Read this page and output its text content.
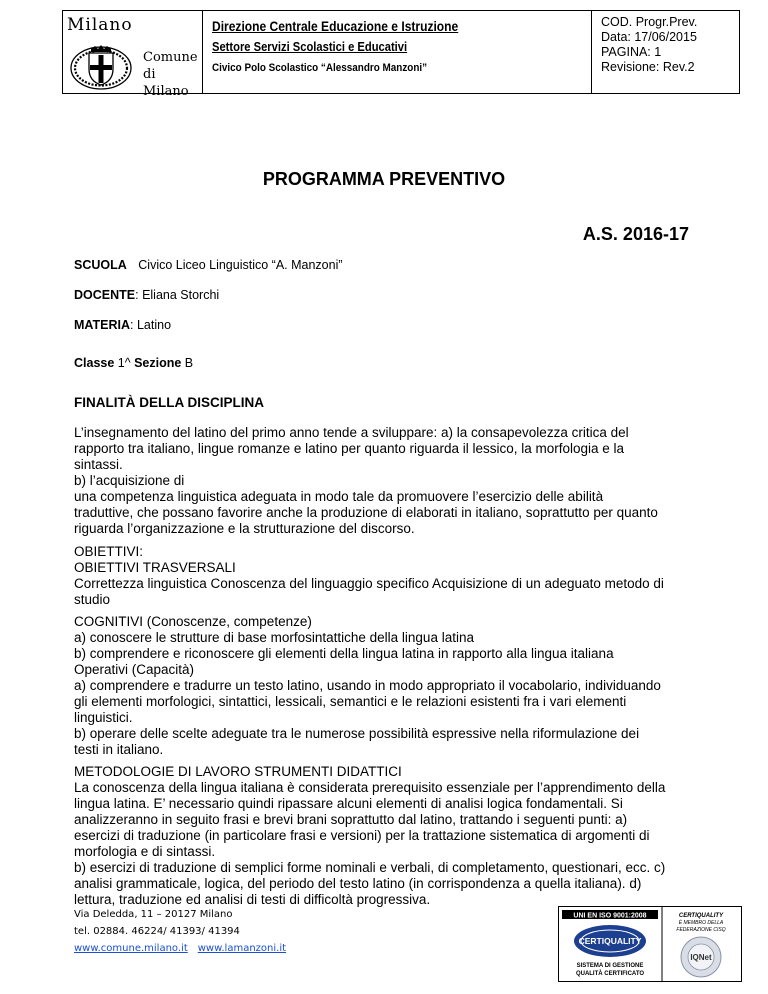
Milano
Comune
di Milano
Direzione Centrale Educazione e Istruzione
Settore Servizi Scolastici e Educativi
Civico Polo Scolastico “Alessandro Manzoni”
COD. Progr.Prev.
Data: 17/06/2015
PAGINA: 1
Revisione: Rev.2
PROGRAMMA PREVENTIVO
A.S. 2016-17
SCUOLA Civico Liceo Linguistico “A. Manzoni”
DOCENTE: Eliana Storchi
MATERIA: Latino
Classe 1^ Sezione B
FINALITÀ DELLA DISCIPLINA
L’insegnamento del latino del primo anno tende a sviluppare: a) la consapevolezza critica del
rapporto tra italiano, lingue romanze e latino per quanto riguarda il lessico, la morfologia e la
sintassi.
b) l’acquisizione di
una competenza linguistica adeguata in modo tale da promuovere l’esercizio delle abilità
traduttive, che possano favorire anche la produzione di elaborati in italiano, soprattutto per quanto
riguarda l’organizzazione e la strutturazione del discorso.
OBIETTIVI:
OBIETTIVI TRASVERSALI
Correttezza linguistica Conoscenza del linguaggio specifico Acquisizione di un adeguato metodo di
studio
COGNITIVI (Conoscenze, competenze)
a) conoscere le strutture di base morfosintattiche della lingua latina
b) comprendere e riconoscere gli elementi della lingua latina in rapporto alla lingua italiana
Operativi (Capacità)
a) comprendere e tradurre un testo latino, usando in modo appropriato il vocabolario, individuando
gli elementi morfologici, sintattici, lessicali, semantici e le relazioni esistenti fra i vari elementi
linguistici.
b) operare delle scelte adeguate tra le numerose possibilità espressive nella riformulazione dei
testi in italiano.
METODOLOGIE DI LAVORO STRUMENTI DIDATTICI
La conoscenza della lingua italiana è considerata prerequisito essenziale per l’apprendimento della
lingua latina. E’ necessario quindi ripassare alcuni elementi di analisi logica fondamentali. Si
analizzeranno in seguito frasi e brevi brani soprattutto dal latino, trattando i seguenti punti: a)
esercizi di traduzione (in particolare frasi e versioni) per la trattazione sistematica di argomenti di
morfologia e di sintassi.
b) esercizi di traduzione di semplici forme nominali e verbali, di completamento, questionari, ecc. c)
analisi grammaticale, logica, del periodo del testo latino (in corrispondenza a quella italiana). d)
lettura, traduzione ed analisi di testi di difficoltà progressiva.
Via Deledda, 11 – 20127 Milano
tel. 02884. 46224/ 41393/ 41394
www.comune.milano.it www.lamanzoni.it
UNI EN ISO 9001:2008
CERTIQUALITY
SISTEMA DI GESTIONE
QUALITÀ CERTIFICATO
CERTIQUALITY
È MEMBRO DELLA
FEDERAZIONE CISQ
IQNet
